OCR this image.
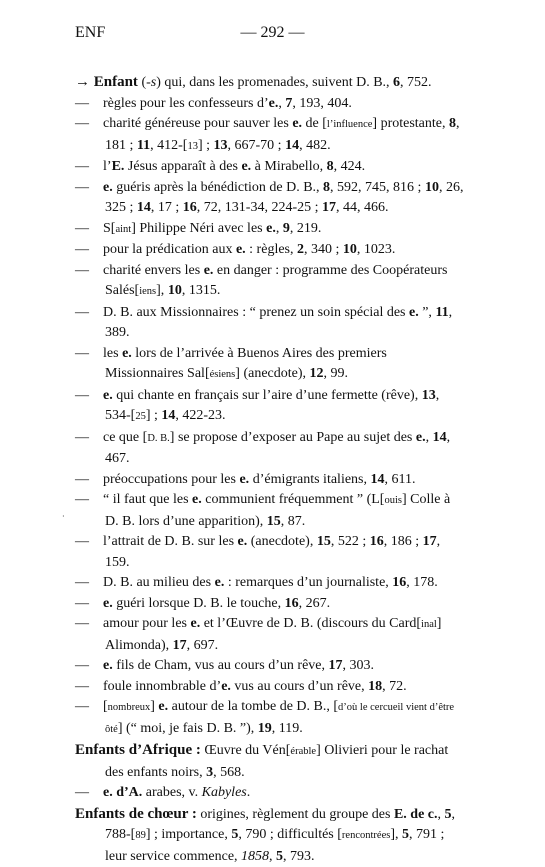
ENF	— 292 —
·

→ Enfant (-s) qui, dans les promenades, suivent D. B., 6, 752.

— règles pour les confesseurs d’e., 7, 193, 404.

— charité généreuse pour sauver les e. de [l’influence] protestante, 8, 181 ; 11, 412-[13] ; 13, 667-70 ; 14, 482.

— l’E. Jésus apparaît à des e. à Mirabello, 8, 424.

— e. guéris après la bénédiction de D. B., 8, 592, 745, 816 ; 10, 26, 325 ; 14, 17 ; 16, 72, 131-34, 224-25 ; 17, 44, 466.

— S[aint] Philippe Néri avec les e., 9, 219.

— pour la prédication aux e. : règles, 2, 340 ; 10, 1023.

— charité envers les e. en danger : programme des Coopérateurs Salés[iens], 10, 1315.

— D. B. aux Missionnaires : “ prenez un soin spécial des e. ”, 11, 389.

— les e. lors de l’arrivée à Buenos Aires des premiers Missionnaires Sal[ésiens] (anecdote), 12, 99.

— e. qui chante en français sur l’aire d’une fermette (rêve), 13, 534-[25] ; 14, 422-23.

— ce que [D. B.] se propose d’exposer au Pape au sujet des e., 14, 467.

— préoccupations pour les e. d’émigrants italiens, 14, 611.

— “ il faut que les e. communient fréquemment ” (L[ouis] Colle à D. B. lors d’une apparition), 15, 87.

— l’attrait de D. B. sur les e. (anecdote), 15, 522 ; 16, 186 ; 17, 159.

— D. B. au milieu des e. : remarques d’un journaliste, 16, 178.

— e. guéri lorsque D. B. le touche, 16, 267.

— amour pour les e. et l’Œuvre de D. B. (discours du Card[inal] Alimonda), 17, 697.

— e. fils de Cham, vus au cours d’un rêve, 17, 303.

— foule innombrable d’e. vus au cours d’un rêve, 18, 72.

— [nombreux] e. autour de la tombe de D. B., [d’où le cercueil vient d’être ôté] (“ moi, je fais D. B. ”), 19, 119.

Enfants d’Afrique : Œuvre du Vén[érable] Olivieri pour le rachat des enfants noirs, 3, 568.

— e. d’A. arabes, v. Kabyles.

Enfants de chœur : origines, règlement du groupe des E. de c., 5, 788-[89] ; importance, 5, 790 ; difficultés [rencontrées], 5, 791 ; leur service commence, 1858, 5, 793.
